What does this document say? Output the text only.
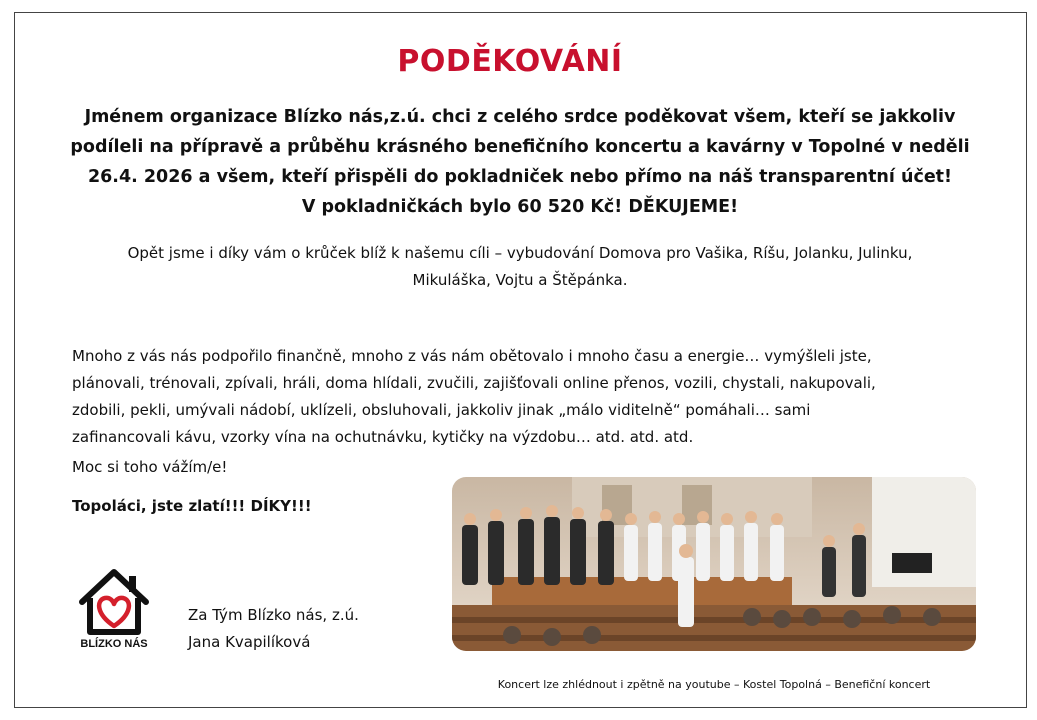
PODĚKOVÁNÍ
Jménem organizace Blízko nás,z.ú. chci z celého srdce poděkovat všem, kteří se jakkoliv
podíleli na přípravě a průběhu krásného benefičního koncertu a kavárny v Topolné v neděli
26.4. 2026 a všem, kteří přispěli do pokladniček nebo přímo na náš transparentní účet!
V pokladničkách bylo 60 520 Kč! DĚKUJEME!
Opět jsme i díky vám o krůček blíž k našemu cíli – vybudování Domova pro Vašika, Ríšu, Jolanku, Julinku,
Mikuláška, Vojtu a Štěpánka.
Mnoho z vás nás podpořilo finančně, mnoho z vás nám obětovalo i mnoho času a energie… vymýšleli jste,
plánovali, trénovali, zpívali, hráli, doma hlídali, zvučili, zajišťovali online přenos, vozili, chystali, nakupovali,
zdobili, pekli, umývali nádobí, uklízeli, obsluhovali, jakkoliv jinak „málo viditelně“ pomáhali… sami
zafinancovali kávu, vzorky vína na ochutnávku, kytičky na výzdobu… atd. atd. atd.
Moc si toho vážím/e!
Topoláci, jste zlatí!!! DÍKY!!!
BLÍZKO NÁS
Za Tým Blízko nás, z.ú.
Jana Kvapilíková
Koncert lze zhlédnout i zpětně na youtube – Kostel Topolná – Benefiční koncert
